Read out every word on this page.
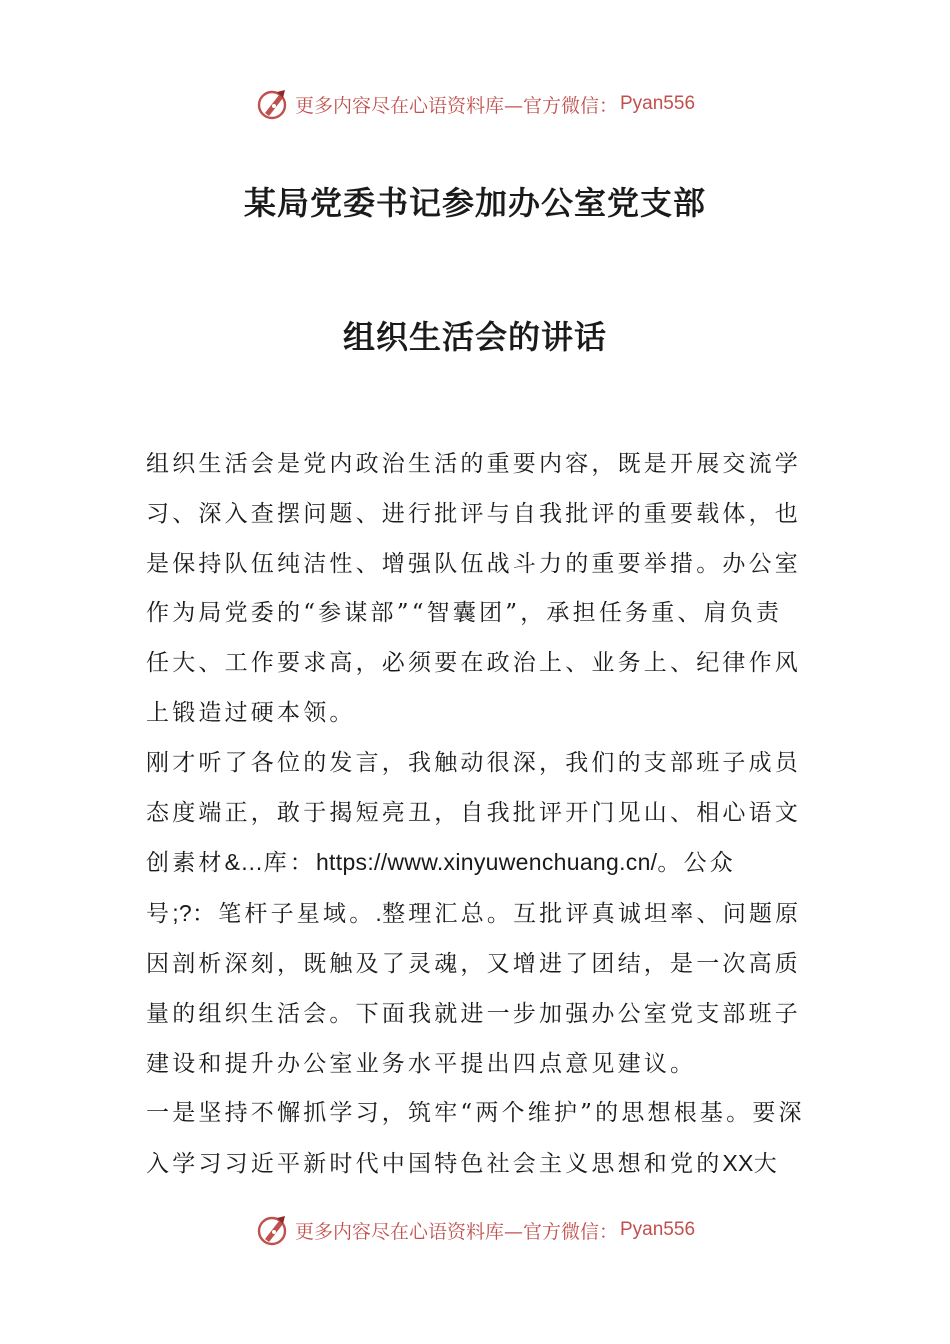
更多内容尽在心语资料库—官方微信： Pyan556
某局党委书记参加办公室党支部
组织生活会的讲话

组织生活会是党内政治生活的重要内容，既是开展交流学习、深入查摆问题、进行批评与自我批评的重要载体，也是保持队伍纯洁性、增强队伍战斗力的重要举措。办公室作为局党委的“参谋部”“智囊团”，承担任务重、肩负责任大、工作要求高，必须要在政治上、业务上、纪律作风上锻造过硬本领。

刚才听了各位的发言，我触动很深，我们的支部班子成员态度端正，敢于揭短亮丑，自我批评开门见山、相心语文创素材&…库：https://www.xinyuwenchuang.cn/。公众号;?：笔杆子星域。.整理汇总。互批评真诚坦率、问题原因剖析深刻，既触及了灵魂，又增进了团结，是一次高质量的组织生活会。下面我就进一步加强办公室党支部班子建设和提升办公室业务水平提出四点意见建议。

一是坚持不懈抓学习，筑牢“两个维护”的思想根基。要深入学习习近平新时代中国特色社会主义思想和党的XX大

更多内容尽在心语资料库—官方微信： Pyan556
